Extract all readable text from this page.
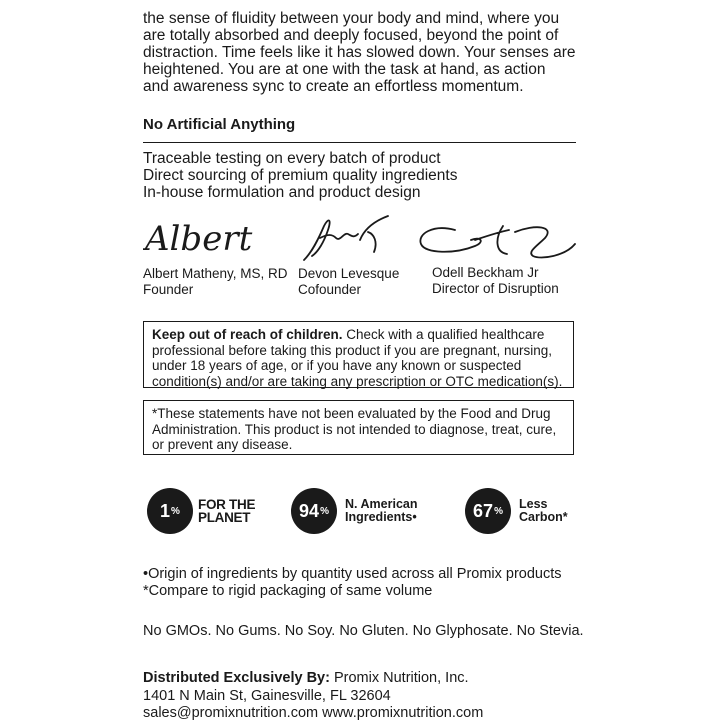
the sense of fluidity between your body and mind, where you
are totally absorbed and deeply focused, beyond the point of
distraction. Time feels like it has slowed down. Your senses are
heightened. You are at one with the task at hand, as action
and awareness sync to create an effortless momentum.
No Artificial Anything
Traceable testing on every batch of product
Direct sourcing of premium quality ingredients
In-house formulation and product design
Albert
Albert Matheny, MS, RD
Founder
Devon Levesque
Cofounder
Odell Beckham Jr
Director of Disruption
Keep out of reach of children. Check with a qualified healthcare professional before taking this product if you are pregnant, nursing, under 18 years of age, or if you have any known or suspected condition(s) and/or are taking any prescription or OTC medication(s).
*These statements have not been evaluated by the Food and Drug Administration. This product is not intended to diagnose, treat, cure, or prevent any disease.
1 % FOR THE
PLANET	94 % N. American
Ingredients•	67 % Less
Carbon*
•Origin of ingredients by quantity used across all Promix products
*Compare to rigid packaging of same volume
No GMOs. No Gums. No Soy. No Gluten. No Glyphosate. No Stevia.
Distributed Exclusively By: Promix Nutrition, Inc.
1401 N Main St, Gainesville, FL 32604
sales@promixnutrition.com www.promixnutrition.com
